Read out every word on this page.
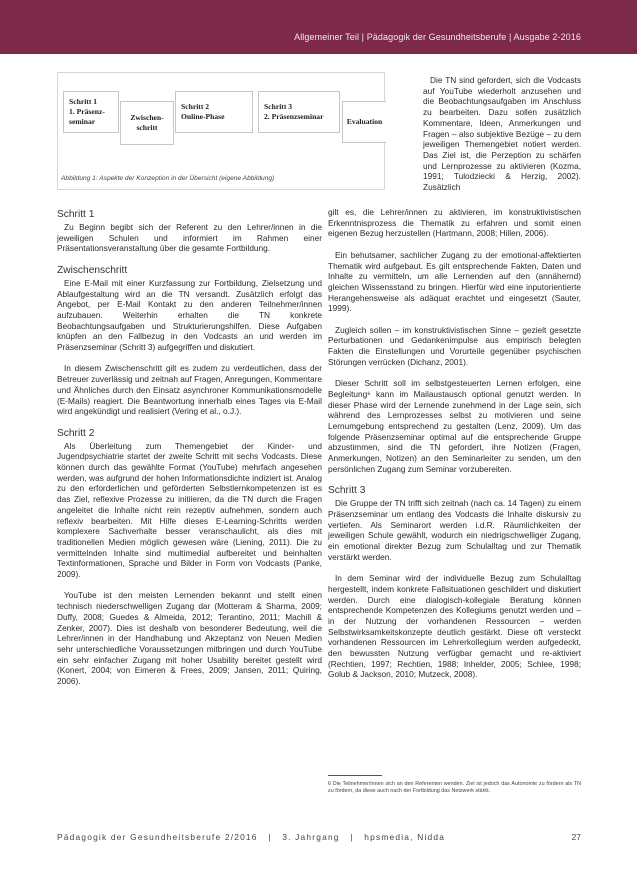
Allgemeiner Teil | Pädagogik der Gesundheitsberufe | Ausgabe 2-2016
Schritt 1
1. Präsenz-
seminar	Zwischen-
schritt
Schritt 2
Online-Phase
Schritt 3
2. Präsenzseminar
Evaluation
Abbildung 1: Aspekte der Konzeption in der Übersicht (eigene Abbildung)
Die TN sind gefordert, sich die Vodcasts auf YouTube wiederholt anzusehen und die Beobachtungsaufgaben im Anschluss zu bearbeiten. Dazu sollen zusätzlich Kommentare, Ideen, Anmerkungen und Fragen – also subjektive Bezüge – zu dem jeweiligen Themengebiet notiert werden. Das Ziel ist, die Perzeption zu schärfen und Lernprozesse zu aktivieren (Kozma, 1991; Tulodziecki & Herzig, 2002). Zusätzlich
Schritt 1

Zu Beginn begibt sich der Referent zu den Lehrer/innen in die jeweiligen Schulen und informiert im Rahmen einer Präsentationsveranstaltung über die gesamte Fortbildung.

Zwischenschritt

Eine E-Mail mit einer Kurzfassung zur Fortbildung, Zielsetzung und Ablaufgestaltung wird an die TN versandt. Zusätzlich erfolgt das Angebot, per E-Mail Kontakt zu den anderen Teilnehmer/innen aufzubauen. Weiterhin erhalten die TN konkrete Beobachtungsaufgaben und Strukturierungshilfen. Diese Aufgaben knüpfen an den Fallbezug in den Vodcasts an und werden im Präsenzseminar (Schritt 3) aufgegriffen und diskutiert.

In diesem Zwischenschritt gilt es zudem zu verdeutlichen, dass der Betreuer zuverlässig und zeitnah auf Fragen, Anregungen, Kommentare und Ähnliches durch den Einsatz asynchroner Kommunikationsmodelle (E-Mails) reagiert. Die Beantwortung innerhalb eines Tages via E-Mail wird angekündigt und realisiert (Vering et al., o.J.).

Schritt 2

Als Überleitung zum Themengebiet der Kinder- und Jugendpsychiatrie startet der zweite Schritt mit sechs Vodcasts. Diese können durch das gewählte Format (YouTube) mehrfach angesehen werden, was aufgrund der hohen Informationsdichte indiziert ist. Analog zu den erforderlichen und geförderten Selbstlernkompetenzen ist es das Ziel, reflexive Prozesse zu initiieren, da die TN durch die Fragen angeleitet die Inhalte nicht rein rezeptiv aufnehmen, sondern auch reflexiv bearbeiten. Mit Hilfe dieses E-Learning-Schritts werden komplexere Sachverhalte besser veranschaulicht, als dies mit traditionellen Medien möglich gewesen wäre (Liening, 2011). Die zu vermittelnden Inhalte sind multimedial aufbereitet und beinhalten Textinformationen, Sprache und Bilder in Form von Vodcasts (Panke, 2009).

YouTube ist den meisten Lernenden bekannt und stellt einen technisch niederschwelligen Zugang dar (Motteram & Sharma, 2009; Duffy, 2008; Guedes & Almeida, 2012; Terantino, 2011; Machill & Zenker, 2007). Dies ist deshalb von besonderer Bedeutung, weil die Lehrer/innen in der Handhabung und Akzeptanz von Neuen Medien sehr unterschiedliche Voraussetzungen mitbringen und durch YouTube ein sehr einfacher Zugang mit hoher Usability bereitet gestellt wird (Konert, 2004; von Eimeren & Frees, 2009; Jansen, 2011; Quiring, 2006).

gilt es, die Lehrer/innen zu aktivieren, im konstruktivistischen Erkenntnisprozess die Thematik zu erfahren und somit einen eigenen Bezug herzustellen (Hartmann, 2008; Hillen, 2006).

Ein behutsamer, sachlicher Zugang zu der emotional-affektierten Thematik wird aufgebaut. Es gilt entsprechende Fakten, Daten und Inhalte zu vermitteln, um alle Lernenden auf den (annähernd) gleichen Wissensstand zu bringen. Hierfür wird eine inputorientierte Herangehensweise als adäquat erachtet und eingesetzt (Sauter, 1999).

Zugleich sollen – im konstruktivistischen Sinne – gezielt gesetzte Perturbationen und Gedankenimpulse aus empirisch belegten Fakten die Einstellungen und Vorurteile gegenüber psychischen Störungen verrücken (Dichanz, 2001).

Dieser Schritt soll im selbstgesteuerten Lernen erfolgen, eine Begleitung⁶ kann im Mailaustausch optional genutzt werden. In dieser Phase wird der Lernende zunehmend in der Lage sein, sich während des Lernprozesses selbst zu motivieren und seine Lernumgebung entsprechend zu gestalten (Lenz, 2009). Um das folgende Präsenzseminar optimal auf die entsprechende Gruppe abzustimmen, sind die TN gefordert, ihre Notizen (Fragen, Anmerkungen, Notizen) an den Seminarleiter zu senden, um den persönlichen Zugang zum Seminar vorzubereiten.

Schritt 3

Die Gruppe der TN trifft sich zeitnah (nach ca. 14 Tagen) zu einem Präsenzseminar um entlang des Vodcasts die Inhalte diskursiv zu vertiefen. Als Seminarort werden i.d.R. Räumlichkeiten der jeweiligen Schule gewählt, wodurch ein niedrigschwelliger Zugang, ein emotional direkter Bezug zum Schulalltag und zur Thematik verstärkt werden.

In dem Seminar wird der individuelle Bezug zum Schulalltag hergestellt, indem konkrete Fallsituationen geschildert und diskutiert werden. Durch eine dialogisch-kollegiale Beratung können entsprechende Kompetenzen des Kollegiums genutzt werden und – in der Nutzung der vorhandenen Ressourcen – werden Selbstwirksamkeitskonzepte deutlich gestärkt. Diese oft versteckt vorhandenen Ressourcen im Lehrerkollegium werden aufgedeckt, den bewussten Nutzung verfügbar gemacht und re-aktiviert (Rechtien, 1997; Rechtien, 1988; Inhelder, 2005; Schlee, 1998; Golub & Jackson, 2010; Mutzeck, 2008).

6 Die Teilnehmer/innen sich an den Referenten wenden. Ziel ist jedoch das Autonomie zu fördern als TN zu fördern, da diese auch nach der Fortbildung das Netzwerk stärkt.
Pädagogik der Gesundheitsberufe 2/2016 | 3. Jahrgang | hpsmedia, Nidda	27
